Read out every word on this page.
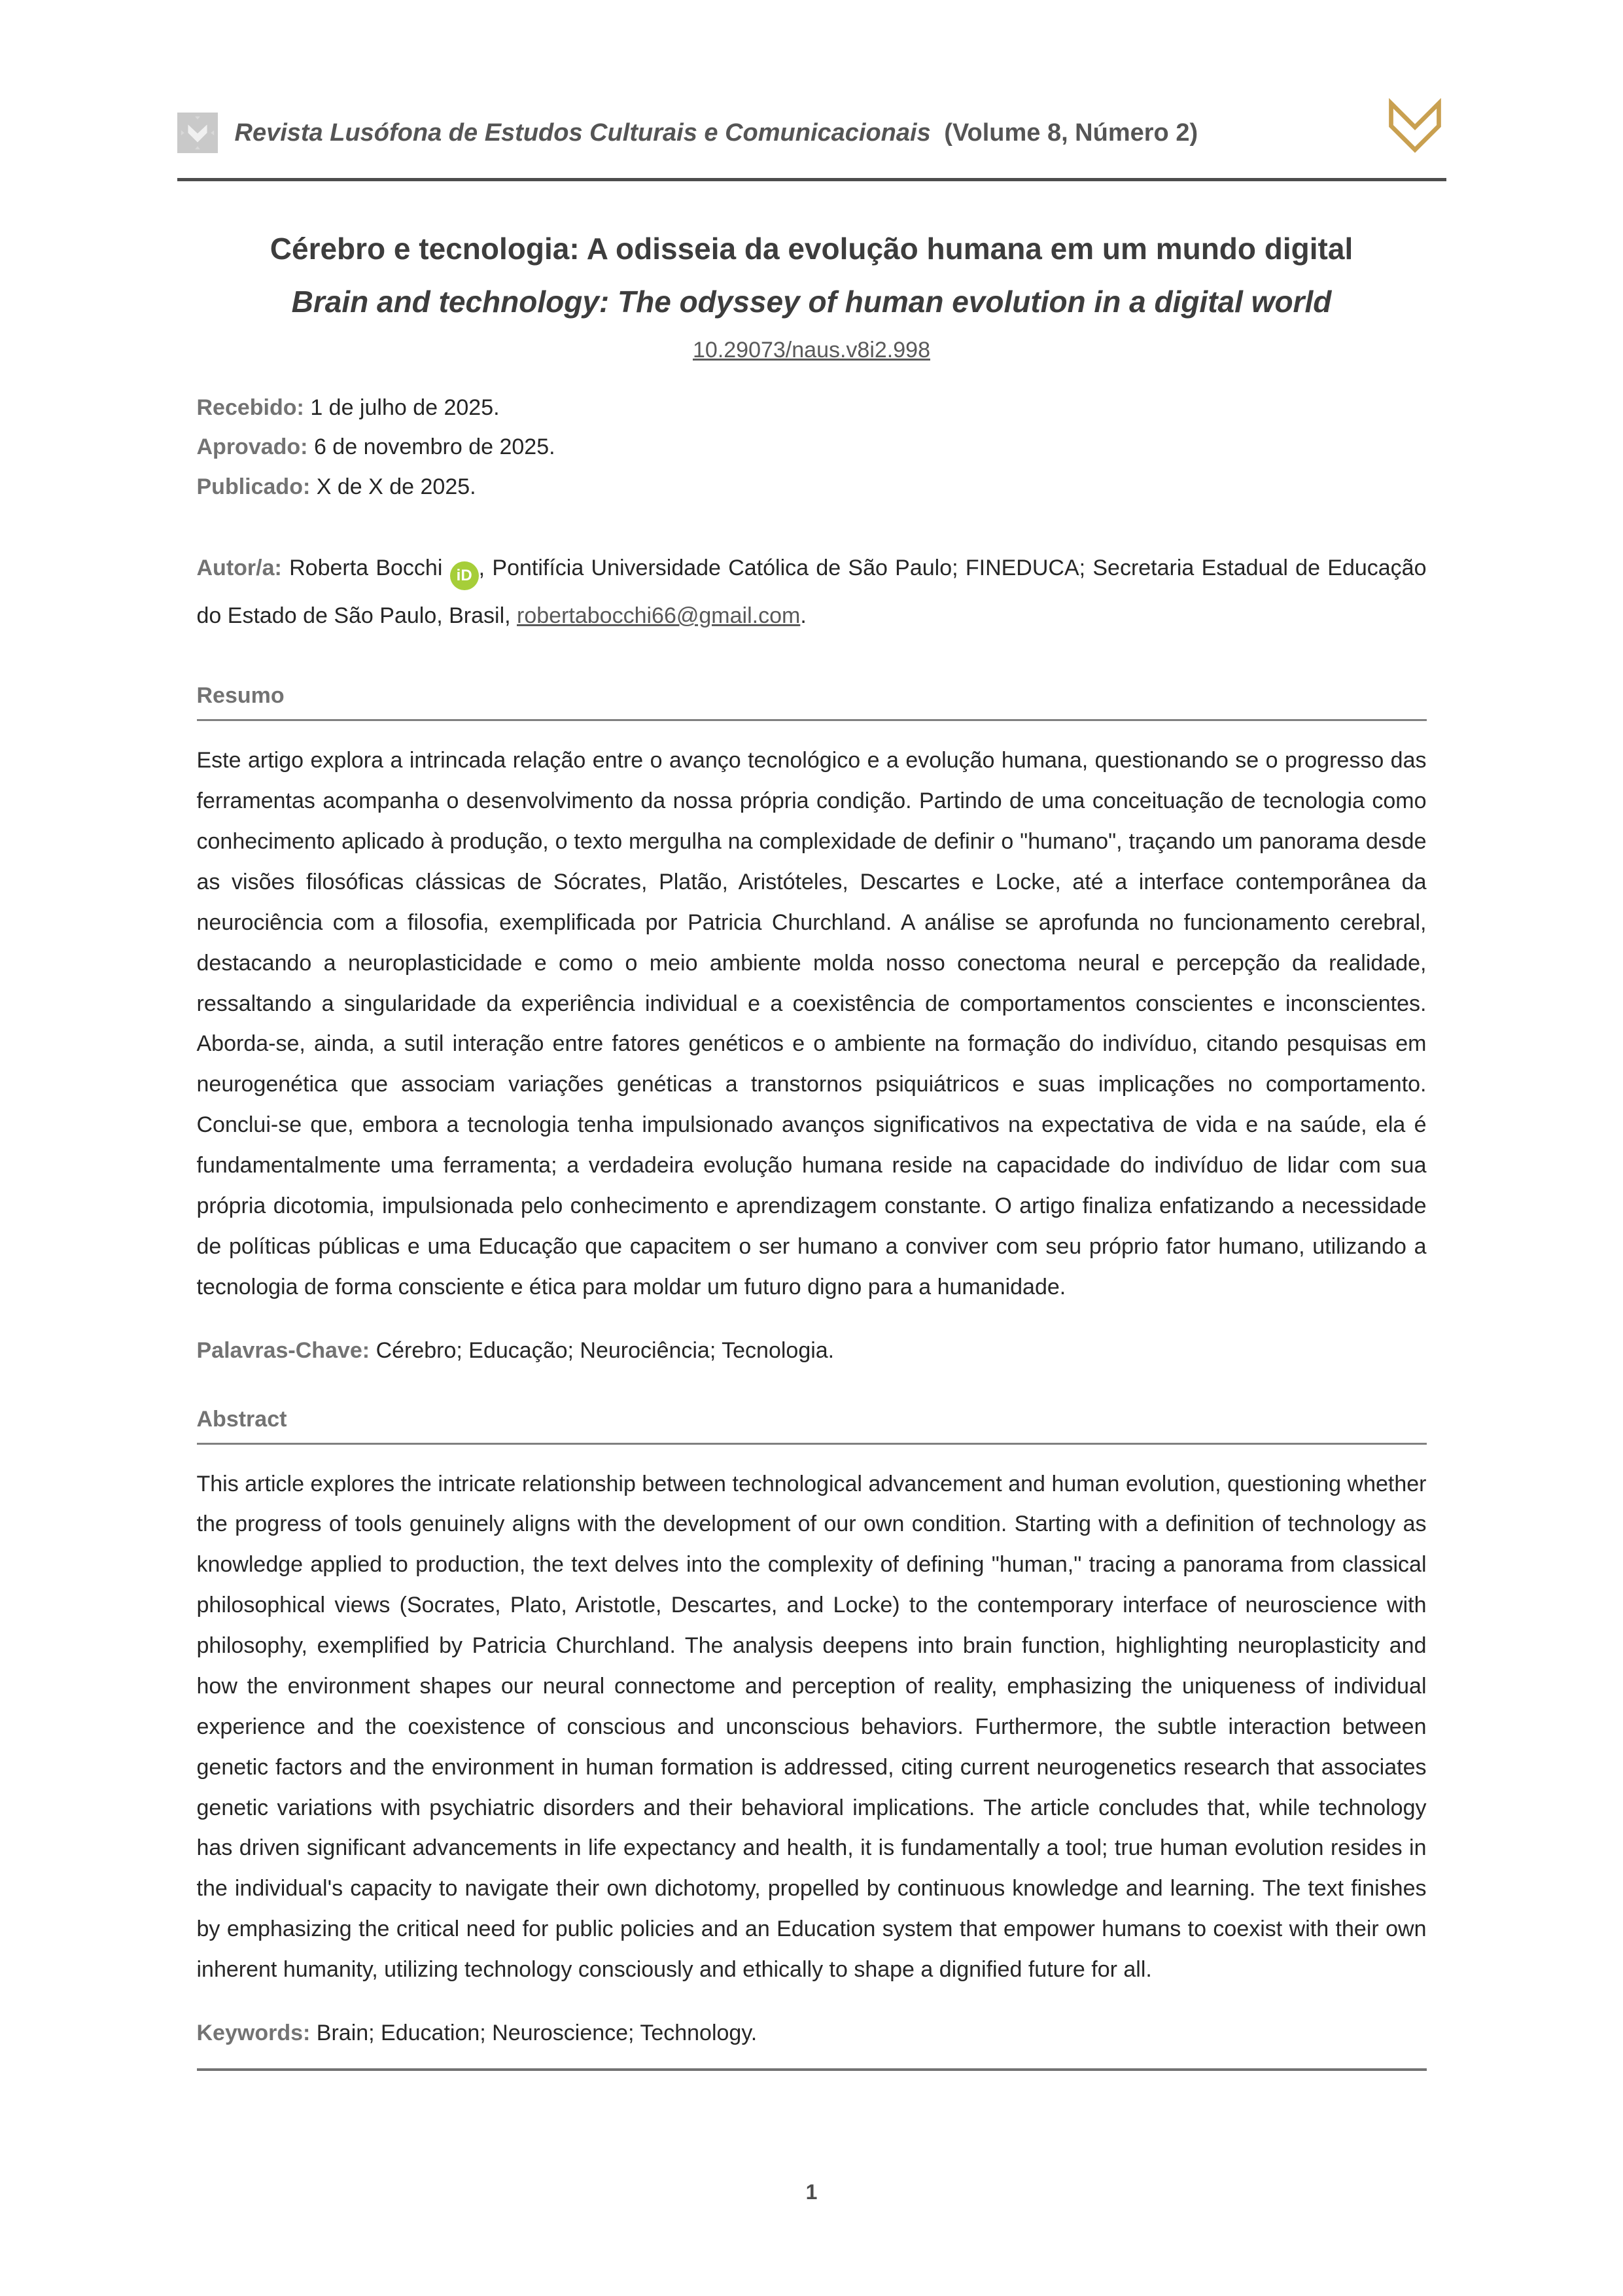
Revista Lusófona de Estudos Culturais e Comunicacionais (Volume 8, Número 2)
Cérebro e tecnologia: A odisseia da evolução humana em um mundo digital
Brain and technology: The odyssey of human evolution in a digital world
10.29073/naus.v8i2.998
Recebido: 1 de julho de 2025.
Aprovado: 6 de novembro de 2025.
Publicado: X de X de 2025.

Autor/a: Roberta Bocchi iD , Pontifícia Universidade Católica de São Paulo; FINEDUCA; Secretaria Estadual de Educação do Estado de São Paulo, Brasil, robertabocchi66@gmail.com.

Resumo

Este artigo explora a intrincada relação entre o avanço tecnológico e a evolução humana, questionando se o progresso das ferramentas acompanha o desenvolvimento da nossa própria condição. Partindo de uma conceituação de tecnologia como conhecimento aplicado à produção, o texto mergulha na complexidade de definir o "humano", traçando um panorama desde as visões filosóficas clássicas de Sócrates, Platão, Aristóteles, Descartes e Locke, até a interface contemporânea da neurociência com a filosofia, exemplificada por Patricia Churchland. A análise se aprofunda no funcionamento cerebral, destacando a neuroplasticidade e como o meio ambiente molda nosso conectoma neural e percepção da realidade, ressaltando a singularidade da experiência individual e a coexistência de comportamentos conscientes e inconscientes. Aborda-se, ainda, a sutil interação entre fatores genéticos e o ambiente na formação do indivíduo, citando pesquisas em neurogenética que associam variações genéticas a transtornos psiquiátricos e suas implicações no comportamento. Conclui-se que, embora a tecnologia tenha impulsionado avanços significativos na expectativa de vida e na saúde, ela é fundamentalmente uma ferramenta; a verdadeira evolução humana reside na capacidade do indivíduo de lidar com sua própria dicotomia, impulsionada pelo conhecimento e aprendizagem constante. O artigo finaliza enfatizando a necessidade de políticas públicas e uma Educação que capacitem o ser humano a conviver com seu próprio fator humano, utilizando a tecnologia de forma consciente e ética para moldar um futuro digno para a humanidade.

Palavras-Chave: Cérebro; Educação; Neurociência; Tecnologia.

Abstract

This article explores the intricate relationship between technological advancement and human evolution, questioning whether the progress of tools genuinely aligns with the development of our own condition. Starting with a definition of technology as knowledge applied to production, the text delves into the complexity of defining "human," tracing a panorama from classical philosophical views (Socrates, Plato, Aristotle, Descartes, and Locke) to the contemporary interface of neuroscience with philosophy, exemplified by Patricia Churchland. The analysis deepens into brain function, highlighting neuroplasticity and how the environment shapes our neural connectome and perception of reality, emphasizing the uniqueness of individual experience and the coexistence of conscious and unconscious behaviors. Furthermore, the subtle interaction between genetic factors and the environment in human formation is addressed, citing current neurogenetics research that associates genetic variations with psychiatric disorders and their behavioral implications. The article concludes that, while technology has driven significant advancements in life expectancy and health, it is fundamentally a tool; true human evolution resides in the individual's capacity to navigate their own dichotomy, propelled by continuous knowledge and learning. The text finishes by emphasizing the critical need for public policies and an Education system that empower humans to coexist with their own inherent humanity, utilizing technology consciously and ethically to shape a dignified future for all.

Keywords: Brain; Education; Neuroscience; Technology.

1
